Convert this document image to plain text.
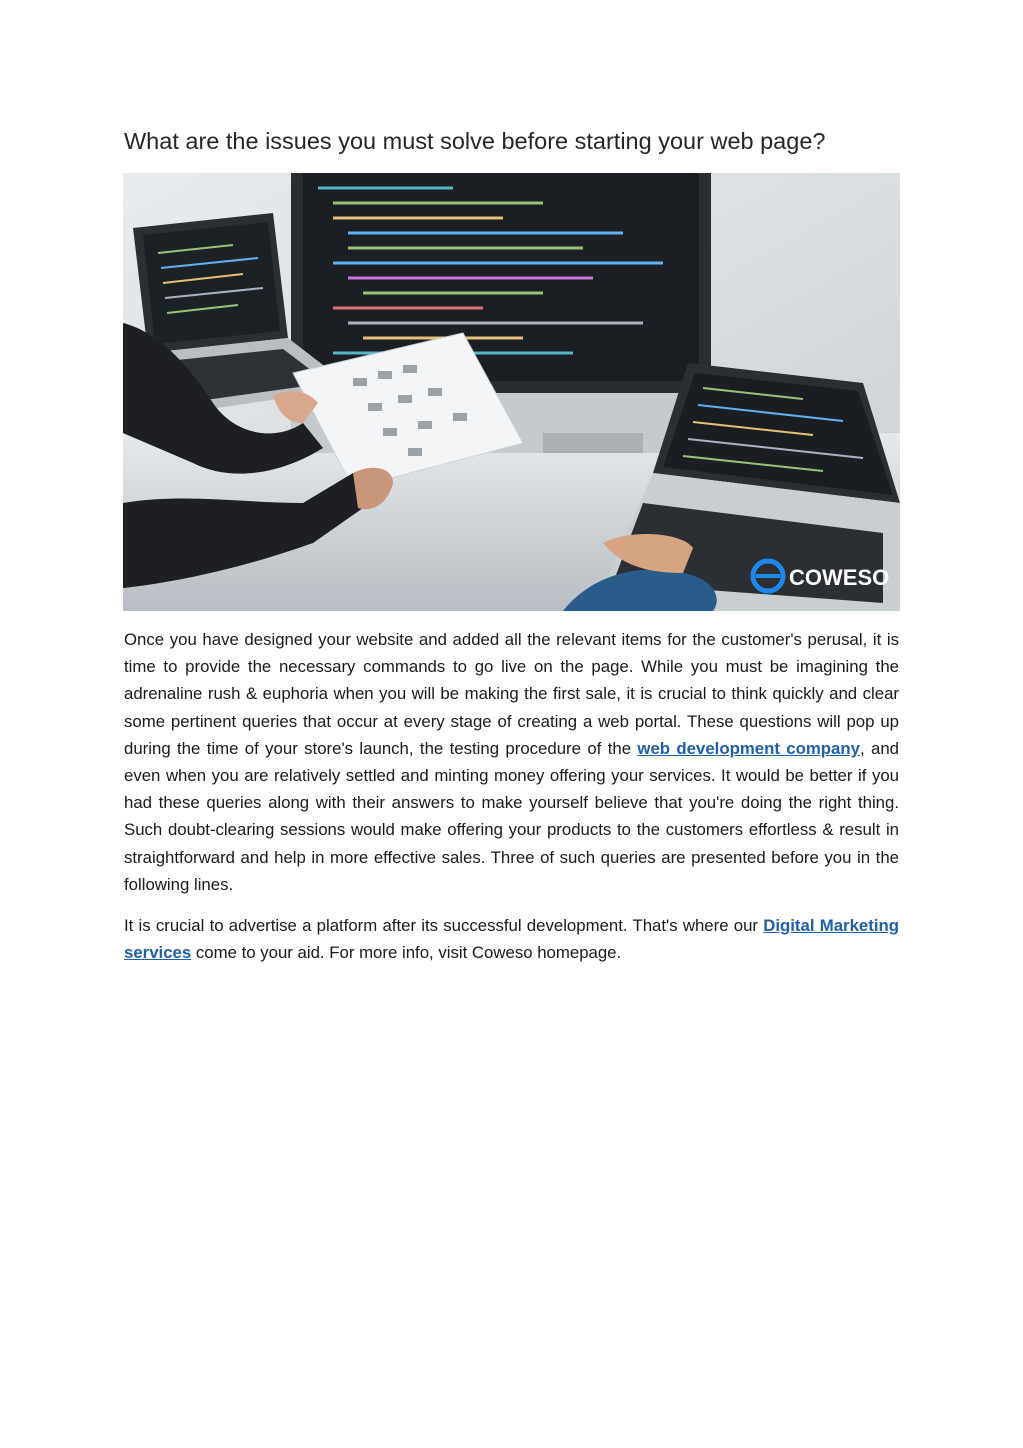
What are the issues you must solve before starting your web page?
COWESO

Once you have designed your website and added all the relevant items for the customer's perusal, it is time to provide the necessary commands to go live on the page. While you must be imagining the adrenaline rush & euphoria when you will be making the first sale, it is crucial to think quickly and clear some pertinent queries that occur at every stage of creating a web portal. These questions will pop up during the time of your store's launch, the testing procedure of the web development company, and even when you are relatively settled and minting money offering your services. It would be better if you had these queries along with their answers to make yourself believe that you're doing the right thing. Such doubt-clearing sessions would make offering your products to the customers effortless & result in straightforward and help in more effective sales. Three of such queries are presented before you in the following lines.

It is crucial to advertise a platform after its successful development. That's where our Digital Marketing services come to your aid. For more info, visit Coweso homepage.
